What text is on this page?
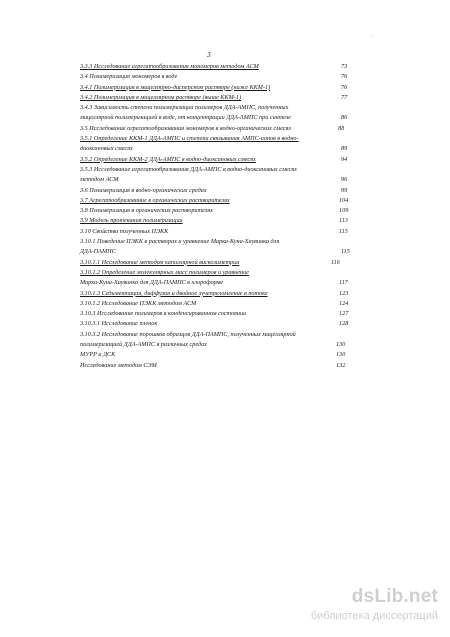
.
3
3.3.3 Исследование агрегатообразования мономеров методом АСМ	73
3.4 Полимеризация мономеров в воде	76
3.4.1 Полимеризация в мицеллярно-дисперсном растворе (ниже ККМ-1)	76
3.4.2 Полимеризация в мицеллярном растворе (выше ККМ-1)	77
3.4.3 Зависимость степени полимеризации полимеров ДДА-АМПС, полученных
мицеллярной полимеризацией в воде, от концентрации ДДА-АМПС при синтезе	86
3.5 Исследование агрегатообразования мономеров в водно-органических смесях	88
3.5.1 Определение ККМ-1 ДДА-АМПС и степени связывания АМПС-ионов в водно-
диоксановых смесях	89
3.5.2 Определение ККМ-2 ДДА-АМПС в водно-диоксановых смесях	94
3.5.3 Исследование агрегатообразования ДДА-АМПС в водно-диоксановых смесях
методом АСМ	96
3.6 Полимеризация в водно-органических средах	99
3.7 Агрегатообразование в органических растворителях	104
3.8 Полимеризация в органических растворителях	109
3.9 Модель протекания полимеризации	113
3.10 Свойства полученных ПЭКК	115
3.10.1 Поведение ПЭКК в растворах и уравнение Марка-Куна-Хаувинка для
ДДА-ПАМПС	115
3.10.1.1 Исследование методом капиллярной вискозиметрии	116
3.10.1.2 Определение молекулярных масс полимеров и уравнение
Марка-Куна-Хаувинка для ДДА-ПАМПС в хлороформе	117
3.10.1.3 Седиментация, диффузия и двойное лучепреломление в потоке	123
3.10.1.2 Исследование ПЭКК методом АСМ	124
3.10.3 Исследование полимеров в конденсированном состоянии	127
3.10.3.1 Исследование пленок	128
3.10.3.2 Исследование порошков образцов ДДА-ПАМПС, полученных мицеллярной
полимеризацией ДДА-АМПС в различных средах	130
МУРР и ДСК	130
Исследование методом СЭМ	132
dsLib.net
библиотека диссертаций
